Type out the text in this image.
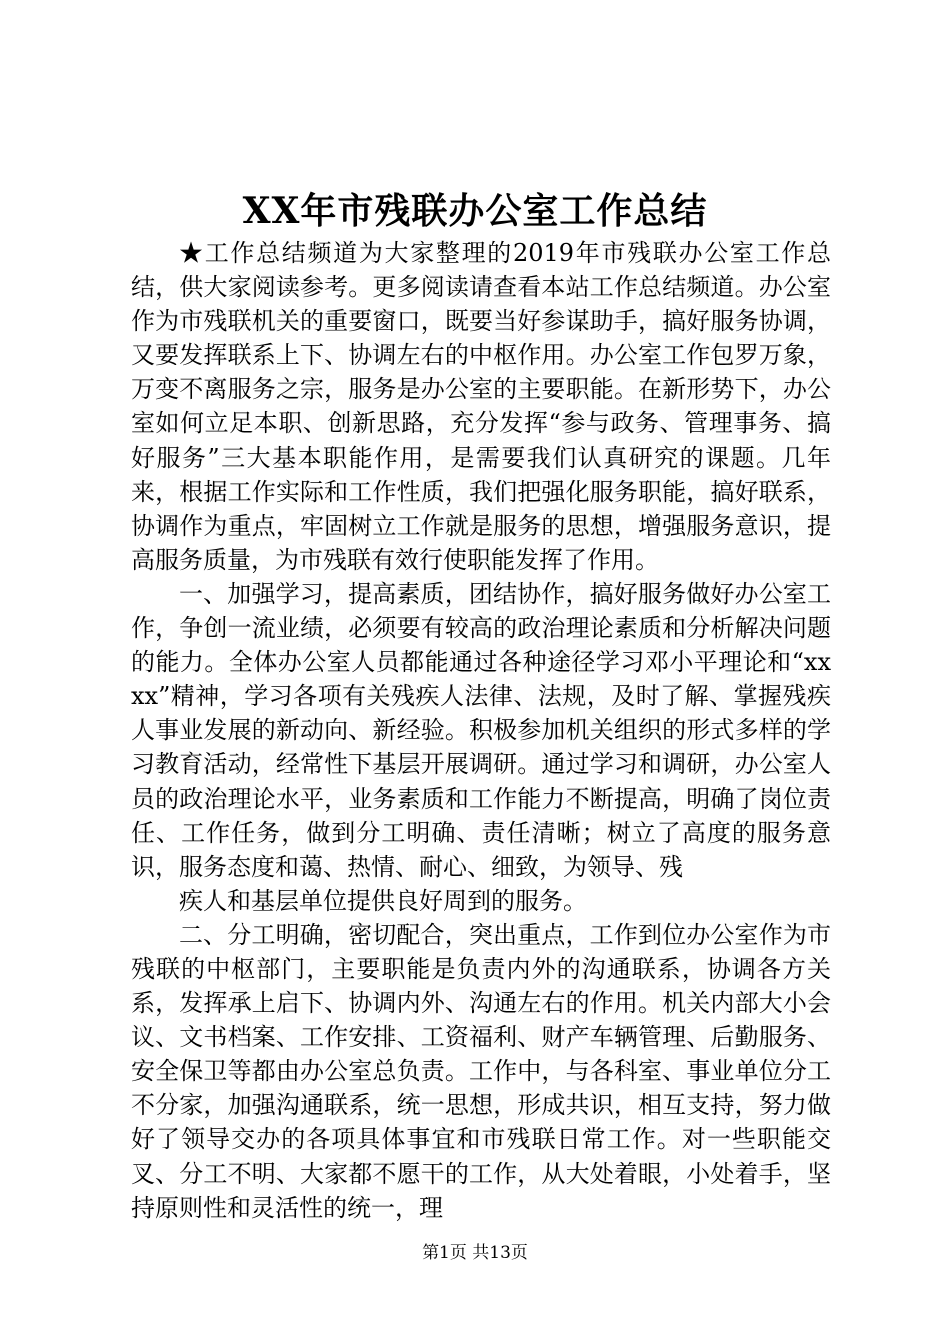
XX年市残联办公室工作总结

★工作总结频道为大家整理的2019年市残联办公室工作总结，供大家阅读参考。更多阅读请查看本站工作总结频道。办公室作为市残联机关的重要窗口，既要当好参谋助手，搞好服务协调，又要发挥联系上下、协调左右的中枢作用。办公室工作包罗万象，万变不离服务之宗，服务是办公室的主要职能。在新形势下，办公室如何立足本职、创新思路，充分发挥“参与政务、管理事务、搞好服务”三大基本职能作用，是需要我们认真研究的课题。几年来，根据工作实际和工作性质，我们把强化服务职能，搞好联系，协调作为重点，牢固树立工作就是服务的思想，增强服务意识，提高服务质量，为市残联有效行使职能发挥了作用。

一、加强学习，提高素质，团结协作，搞好服务做好办公室工作，争创一流业绩，必须要有较高的政治理论素质和分析解决问题的能力。全体办公室人员都能通过各种途径学习邓小平理论和“xxxx”精神，学习各项有关残疾人法律、法规，及时了解、掌握残疾人事业发展的新动向、新经验。积极参加机关组织的形式多样的学习教育活动，经常性下基层开展调研。通过学习和调研，办公室人员的政治理论水平，业务素质和工作能力不断提高，明确了岗位责任、工作任务，做到分工明确、责任清晰；树立了高度的服务意识，服务态度和蔼、热情、耐心、细致，为领导、残

疾人和基层单位提供良好周到的服务。

二、分工明确，密切配合，突出重点，工作到位办公室作为市残联的中枢部门，主要职能是负责内外的沟通联系，协调各方关系，发挥承上启下、协调内外、沟通左右的作用。机关内部大小会议、文书档案、工作安排、工资福利、财产车辆管理、后勤服务、安全保卫等都由办公室总负责。工作中，与各科室、事业单位分工不分家，加强沟通联系，统一思想，形成共识，相互支持，努力做好了领导交办的各项具体事宜和市残联日常工作。对一些职能交叉、分工不明、大家都不愿干的工作，从大处着眼，小处着手，坚持原则性和灵活性的统一，理

第1页 共13页
